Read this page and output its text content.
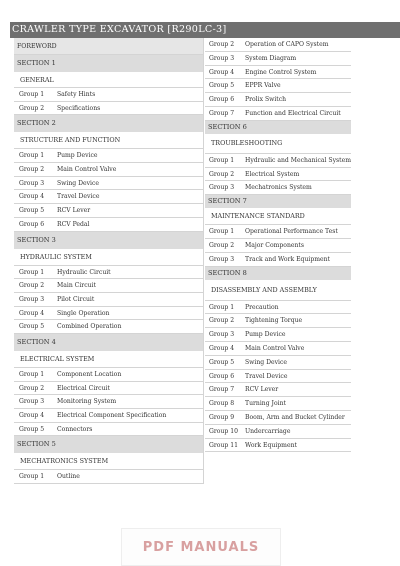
CRAWLER TYPE EXCAVATOR [R290LC-3]
FOREWORD
SECTION 1
GENERAL
Group 1 Safety Hints
Group 2 Specifications
SECTION 2
STRUCTURE AND FUNCTION
Group 1 Pump Device
Group 2 Main Control Valve
Group 3 Swing Device
Group 4 Travel Device
Group 5 RCV Lever
Group 6 RCV Pedal
SECTION 3
HYDRAULIC SYSTEM
Group 1 Hydraulic Circuit
Group 2 Main Circuit
Group 3 Pilot Circuit
Group 4 Single Operation
Group 5 Combined Operation
SECTION 4
ELECTRICAL SYSTEM
Group 1 Component Location
Group 2 Electrical Circuit
Group 3 Monitoring System
Group 4 Electrical Component Specification
Group 5 Connectors
SECTION 5
MECHATRONICS SYSTEM
Group 1 Outline
Group 2 Operation of CAPO System
Group 3 System Diagram
Group 4 Engine Control System
Group 5 EPPR Valve
Group 6 Prolix Switch
Group 7 Function and Electrical Circuit
SECTION 6
TROUBLESHOOTING
Group 1 Hydraulic and Mechanical System
Group 2 Electrical System
Group 3 Mechatronics System
SECTION 7
MAINTENANCE STANDARD
Group 1 Operational Performance Test
Group 2 Major Components
Group 3 Track and Work Equipment
SECTION 8
DISASSEMBLY AND ASSEMBLY
Group 1 Precaution
Group 2 Tightening Torque
Group 3 Pump Device
Group 4 Main Control Valve
Group 5 Swing Device
Group 6 Travel Device
Group 7 RCV Lever
Group 8 Turning Joint
Group 9 Boom, Arm and Bucket Cylinder
Group 10 Undercarriage
Group 11 Work Equipment
PDF MANUALS
